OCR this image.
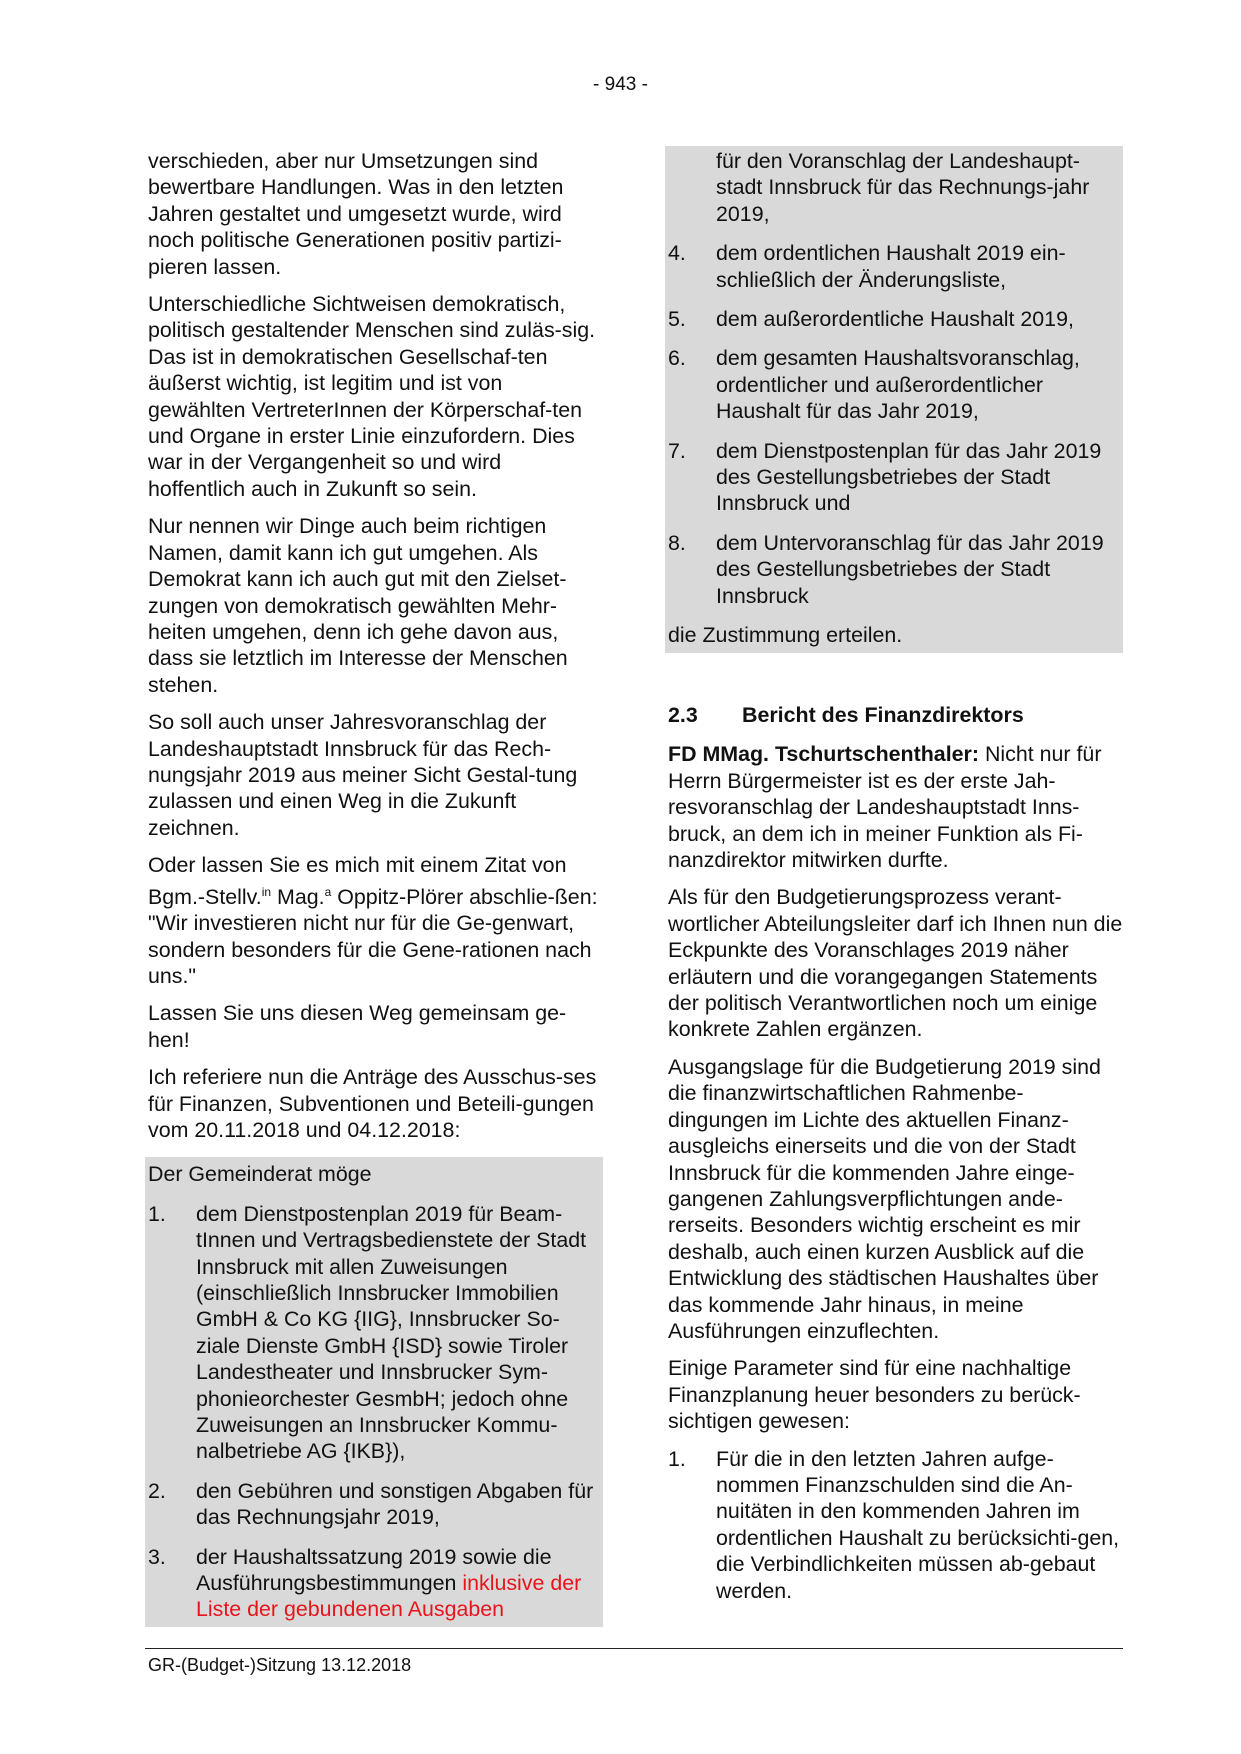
- 943 -

verschieden, aber nur Umsetzungen sind bewertbare Handlungen. Was in den letzten Jahren gestaltet und umgesetzt wurde, wird noch politische Generationen positiv partizi-pieren lassen.

Unterschiedliche Sichtweisen demokratisch, politisch gestaltender Menschen sind zuläs-sig. Das ist in demokratischen Gesellschaf-ten äußerst wichtig, ist legitim und ist von gewählten VertreterInnen der Körperschaf-ten und Organe in erster Linie einzufordern. Dies war in der Vergangenheit so und wird hoffentlich auch in Zukunft so sein.

Nur nennen wir Dinge auch beim richtigen Namen, damit kann ich gut umgehen. Als Demokrat kann ich auch gut mit den Zielset-zungen von demokratisch gewählten Mehr-heiten umgehen, denn ich gehe davon aus, dass sie letztlich im Interesse der Menschen stehen.

So soll auch unser Jahresvoranschlag der Landeshauptstadt Innsbruck für das Rech-nungsjahr 2019 aus meiner Sicht Gestal-tung zulassen und einen Weg in die Zukunft zeichnen.

Oder lassen Sie es mich mit einem Zitat von Bgm.-Stellv.$^{in}$ Mag.$^a$ Oppitz-Plörer abschlie-ßen: "Wir investieren nicht nur für die Ge-genwart, sondern besonders für die Gene-rationen nach uns."

Lassen Sie uns diesen Weg gemeinsam ge-hen!

Ich referiere nun die Anträge des Ausschus-ses für Finanzen, Subventionen und Beteili-gungen vom 20.11.2018 und 04.12.2018:

Der Gemeinderat möge
1.	dem Dienstpostenplan 2019 für Beam-tInnen und Vertragsbedienstete der Stadt Innsbruck mit allen Zuweisungen (einschließlich Innsbrucker Immobilien GmbH & Co KG {IIG}, Innsbrucker So-ziale Dienste GmbH {ISD} sowie Tiroler Landestheater und Innsbrucker Sym-phonieorchester GesmbH; jedoch ohne Zuweisungen an Innsbrucker Kommu-nalbetriebe AG {IKB}),
2.	den Gebühren und sonstigen Abgaben für das Rechnungsjahr 2019,
3.	der Haushaltssatzung 2019 sowie die Ausführungsbestimmungen inklusive der Liste der gebundenen Ausgaben
für den Voranschlag der Landeshaupt-stadt Innsbruck für das Rechnungs-jahr 2019,
4.	dem ordentlichen Haushalt 2019 ein-schließlich der Änderungsliste,
5.	dem außerordentliche Haushalt 2019,
6.	dem gesamten Haushaltsvoranschlag, ordentlicher und außerordentlicher Haushalt für das Jahr 2019,
7.	dem Dienstpostenplan für das Jahr 2019 des Gestellungsbetriebes der Stadt Innsbruck und
8.	dem Untervoranschlag für das Jahr 2019 des Gestellungsbetriebes der Stadt Innsbruck
die Zustimmung erteilen.
2.3	Bericht des Finanzdirektors

FD MMag. Tschurtschenthaler: Nicht nur für Herrn Bürgermeister ist es der erste Jah-resvoranschlag der Landeshauptstadt Inns-bruck, an dem ich in meiner Funktion als Fi-nanzdirektor mitwirken durfte.

Als für den Budgetierungsprozess verant-wortlicher Abteilungsleiter darf ich Ihnen nun die Eckpunkte des Voranschlages 2019 näher erläutern und die vorangegangen Statements der politisch Verantwortlichen noch um einige konkrete Zahlen ergänzen.

Ausgangslage für die Budgetierung 2019 sind die finanzwirtschaftlichen Rahmenbe-dingungen im Lichte des aktuellen Finanz-ausgleichs einerseits und die von der Stadt Innsbruck für die kommenden Jahre einge-gangenen Zahlungsverpflichtungen ande-rerseits. Besonders wichtig erscheint es mir deshalb, auch einen kurzen Ausblick auf die Entwicklung des städtischen Haushaltes über das kommende Jahr hinaus, in meine Ausführungen einzuflechten.

Einige Parameter sind für eine nachhaltige Finanzplanung heuer besonders zu berück-sichtigen gewesen:

1.	Für die in den letzten Jahren aufge-nommen Finanzschulden sind die An-nuitäten in den kommenden Jahren im ordentlichen Haushalt zu berücksichti-gen, die Verbindlichkeiten müssen ab-gebaut werden.
GR-(Budget-)Sitzung 13.12.2018
